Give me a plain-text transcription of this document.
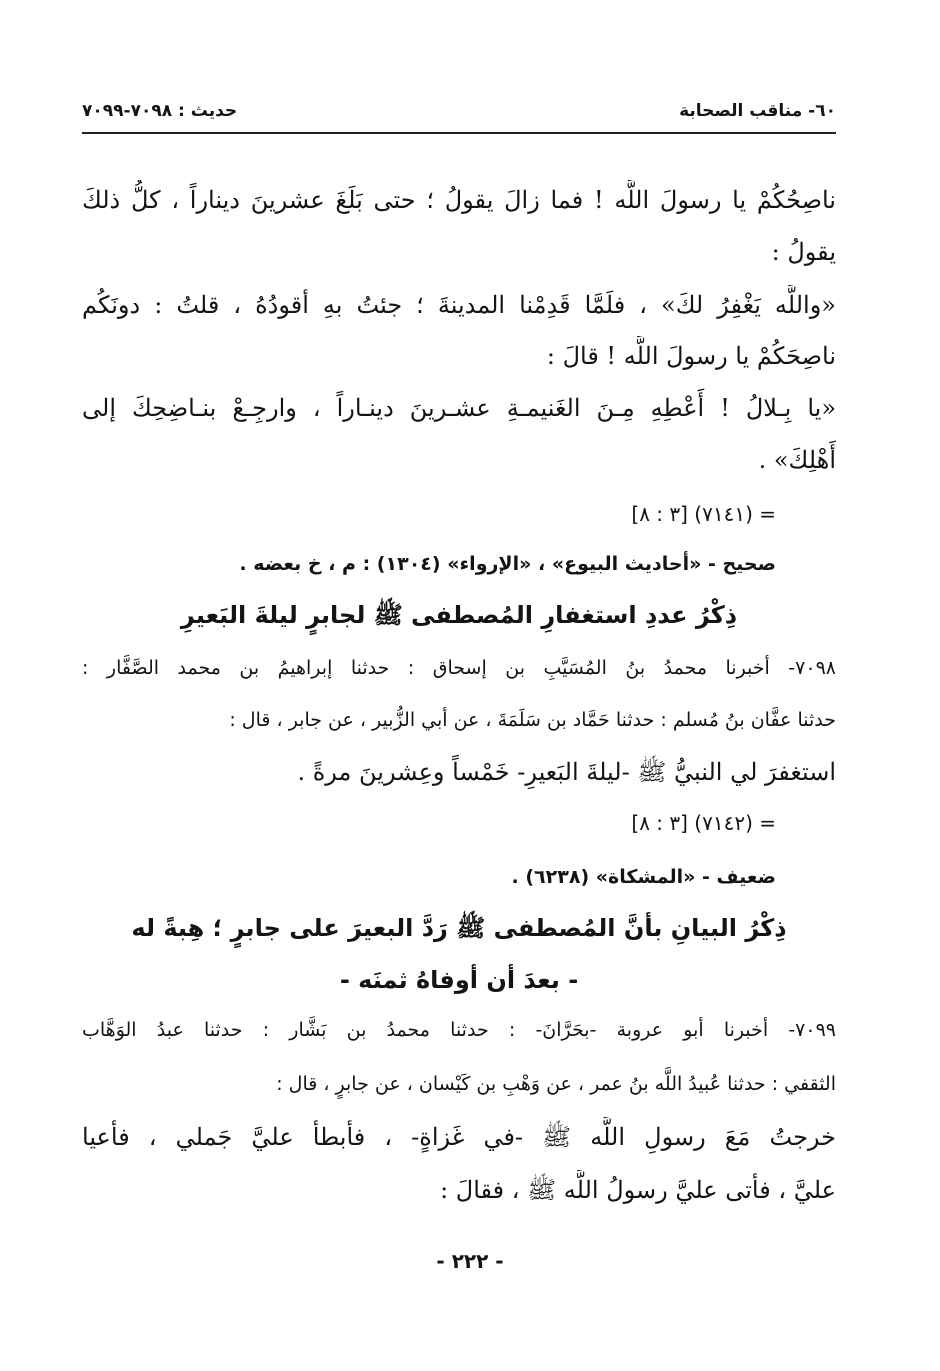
٦٠- مناقب الصحابة
حديث : ٧٠٩٨-٧٠٩٩
ناصِحُكُمْ يا رسولَ اللَّه ! فما زالَ يقولُ ؛ حتى بَلَغَ عشرينَ ديناراً ، كلُّ ذلكَ
يقولُ :
«واللَّه يَغْفِرُ لكَ» ، فلَمَّا قَدِمْنا المدينةَ ؛ جئتُ بهِ أقودُهُ ، قلتُ : دونَكُم
ناصِحَكُمْ يا رسولَ اللَّه ! قالَ :
«يا بِـلالُ ! أَعْطِهِ مِـنَ الغَنيمـةِ عشـرينَ دينـاراً ، وارجِـعْ بنـاضِحِكَ إلى
أَهْلِكَ» .
= (٧١٤١) [٣ : ٨]
صحيح - «أحاديث البيوع» ، «الإرواء» (١٣٠٤) : م ، خ بعضه .
ذِكْرُ عددِ استغفارِ المُصطفى ﷺ لجابرٍ ليلةَ البَعيرِ
٧٠٩٨- أخبرنا محمدُ بنُ المُسَيَّبِ بن إسحاق : حدثنا إبراهيمُ بن محمد الصَّفَّار :
حدثنا عفَّان بنُ مُسلم : حدثنا حَمَّاد بن سَلَمَةَ ، عن أبي الزُّبير ، عن جابر ، قال :
استغفرَ لي النبيُّ ﷺ -ليلةَ البَعيرِ- خَمْساً وعِشرينَ مرةً .
= (٧١٤٢) [٣ : ٨]
ضعيف - «المشكاة» (٦٢٣٨) .
ذِكْرُ البيانِ بأنَّ المُصطفى ﷺ رَدَّ البعيرَ على جابرٍ ؛ هِبةً له
- بعدَ أن أوفاهُ ثمنَه -
٧٠٩٩- أخبرنا أبو عروبة -بحَرَّانَ- : حدثنا محمدُ بن بَشَّار : حدثنا عبدُ الوَهَّاب
الثقفي : حدثنا عُبيدُ اللَّه بنُ عمر ، عن وَهْبِ بن كَيْسان ، عن جابرٍ ، قال :
خرجتُ مَعَ رسولِ اللَّه ﷺ -في غَزاةٍ- ، فأبطأ عليَّ جَملي ، فأعيا
عليَّ ، فأتى عليَّ رسولُ اللَّه ﷺ ، فقالَ :
- ٢٢٢ -
